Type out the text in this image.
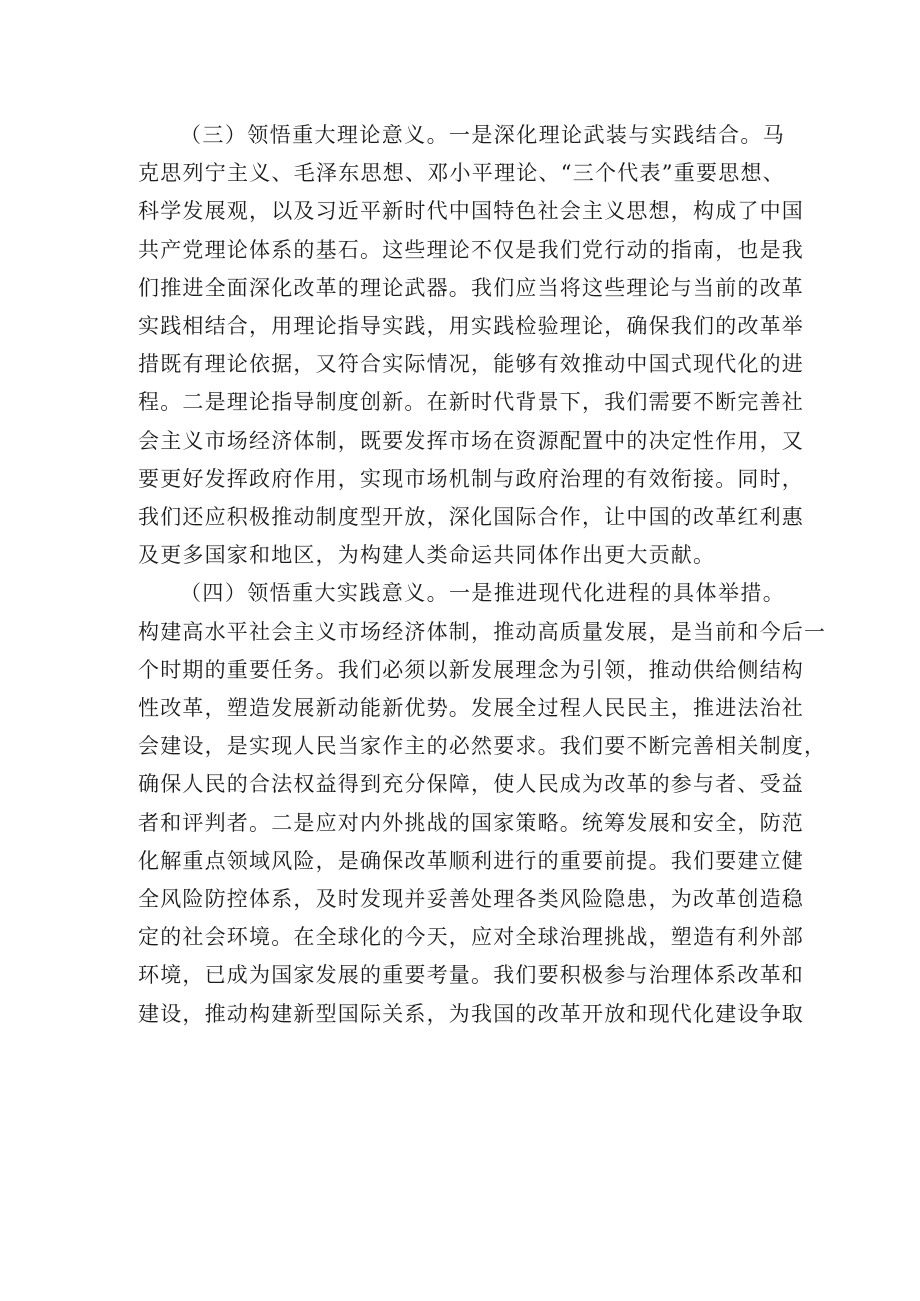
（三）领悟重大理论意义。一是深化理论武装与实践结合。马
克思列宁主义、毛泽东思想、邓小平理论、“三个代表”重要思想、
科学发展观，以及习近平新时代中国特色社会主义思想，构成了中国
共产党理论体系的基石。这些理论不仅是我们党行动的指南，也是我
们推进全面深化改革的理论武器。我们应当将这些理论与当前的改革
实践相结合，用理论指导实践，用实践检验理论，确保我们的改革举
措既有理论依据，又符合实际情况，能够有效推动中国式现代化的进
程。二是理论指导制度创新。在新时代背景下，我们需要不断完善社
会主义市场经济体制，既要发挥市场在资源配置中的决定性作用，又
要更好发挥政府作用，实现市场机制与政府治理的有效衔接。同时，
我们还应积极推动制度型开放，深化国际合作，让中国的改革红利惠
及更多国家和地区，为构建人类命运共同体作出更大贡献。
（四）领悟重大实践意义。一是推进现代化进程的具体举措。
构建高水平社会主义市场经济体制，推动高质量发展，是当前和今后一
个时期的重要任务。我们必须以新发展理念为引领，推动供给侧结构
性改革，塑造发展新动能新优势。发展全过程人民民主，推进法治社
会建设，是实现人民当家作主的必然要求。我们要不断完善相关制度，
确保人民的合法权益得到充分保障，使人民成为改革的参与者、受益
者和评判者。二是应对内外挑战的国家策略。统筹发展和安全，防范
化解重点领域风险，是确保改革顺利进行的重要前提。我们要建立健
全风险防控体系，及时发现并妥善处理各类风险隐患，为改革创造稳
定的社会环境。在全球化的今天，应对全球治理挑战，塑造有利外部
环境，已成为国家发展的重要考量。我们要积极参与治理体系改革和
建设，推动构建新型国际关系，为我国的改革开放和现代化建设争取
